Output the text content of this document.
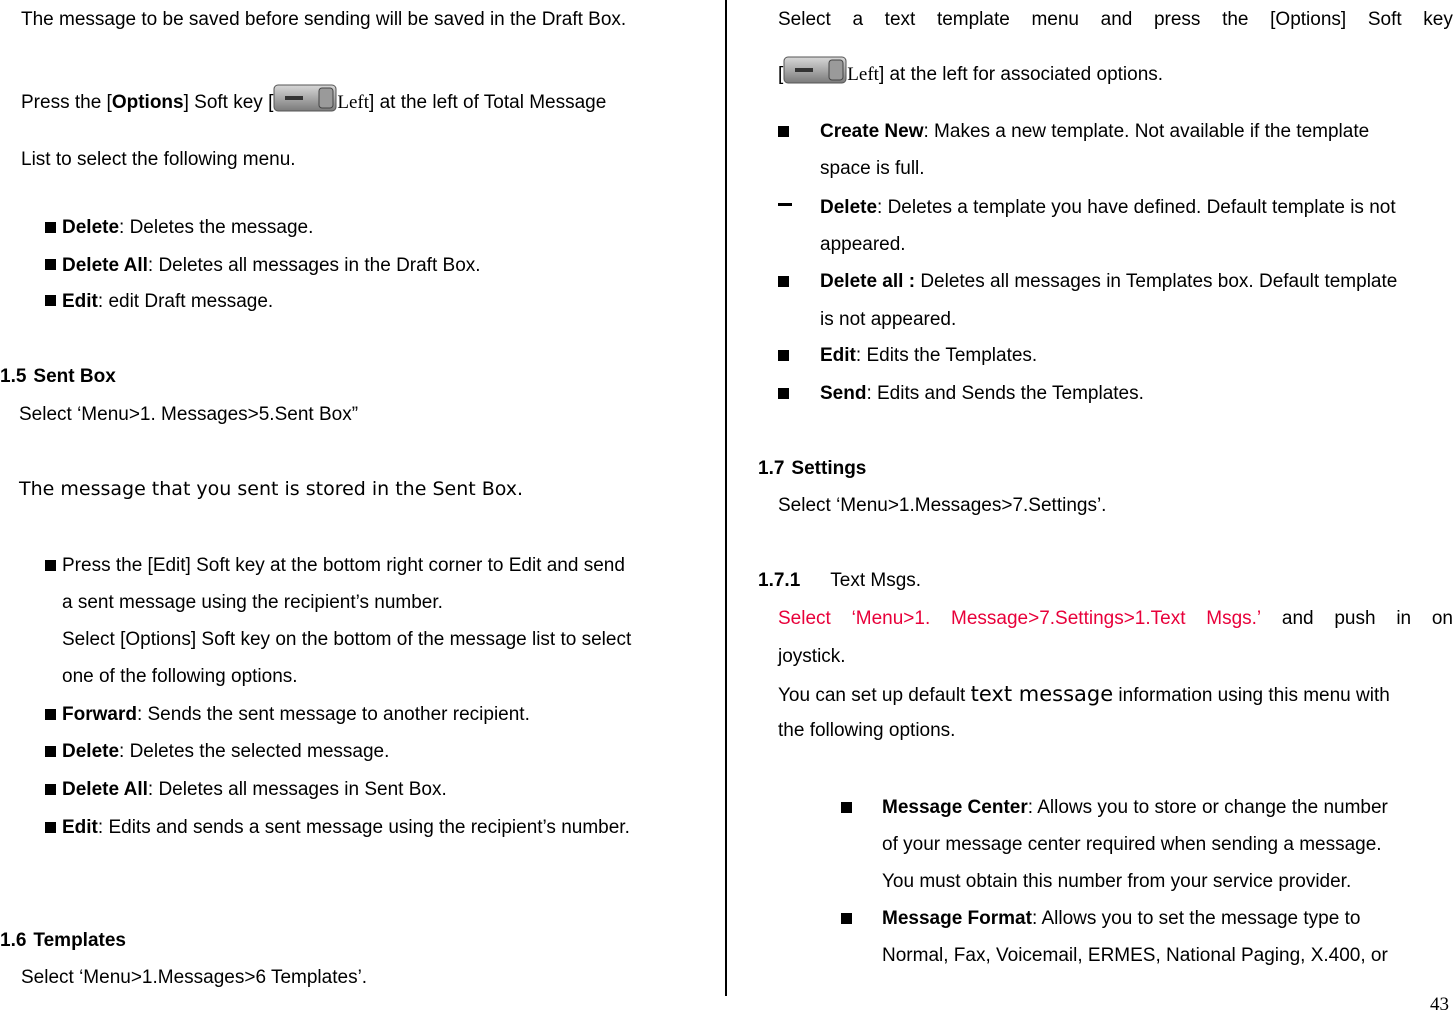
The message to be saved before sending will be saved in the Draft Box.
Press the [Options] Soft key [	Left] at the left of Total Message
List to select the following menu.
Delete: Deletes the message.
Delete All: Deletes all messages in the Draft Box.
Edit: edit Draft message.
1.5 Sent Box
Select ‘Menu>1. Messages>5.Sent Box”
The message that you sent is stored in the Sent Box.
Press the [Edit] Soft key at the bottom right corner to Edit and send
a sent message using the recipient’s number.
Select [Options] Soft key on the bottom of the message list to select
one of the following options.
Forward: Sends the sent message to another recipient.
Delete: Deletes the selected message.
Delete All: Deletes all messages in Sent Box.
Edit: Edits and sends a sent message using the recipient’s number.
1.6 Templates
Select ‘Menu>1.Messages>6 Templates’.
Select a text template menu and press the [Options] Soft key
[	Left] at the left for associated options.
Create New: Makes a new template. Not available if the template
space is full.
Delete: Deletes a template you have defined. Default template is not
appeared.
Delete all : Deletes all messages in Templates box. Default template
is not appeared.
Edit: Edits the Templates.
Send: Edits and Sends the Templates.
1.7 Settings
Select ‘Menu>1.Messages>7.Settings’.
1.7.1 Text Msgs.
Select ‘Menu>1. Message>7.Settings>1.Text Msgs.’ and push in on
joystick.
You can set up default text message information using this menu with
the following options.
Message Center: Allows you to store or change the number
of your message center required when sending a message.
You must obtain this number from your service provider.
Message Format: Allows you to set the message type to
Normal, Fax, Voicemail, ERMES, National Paging, X.400, or
43
